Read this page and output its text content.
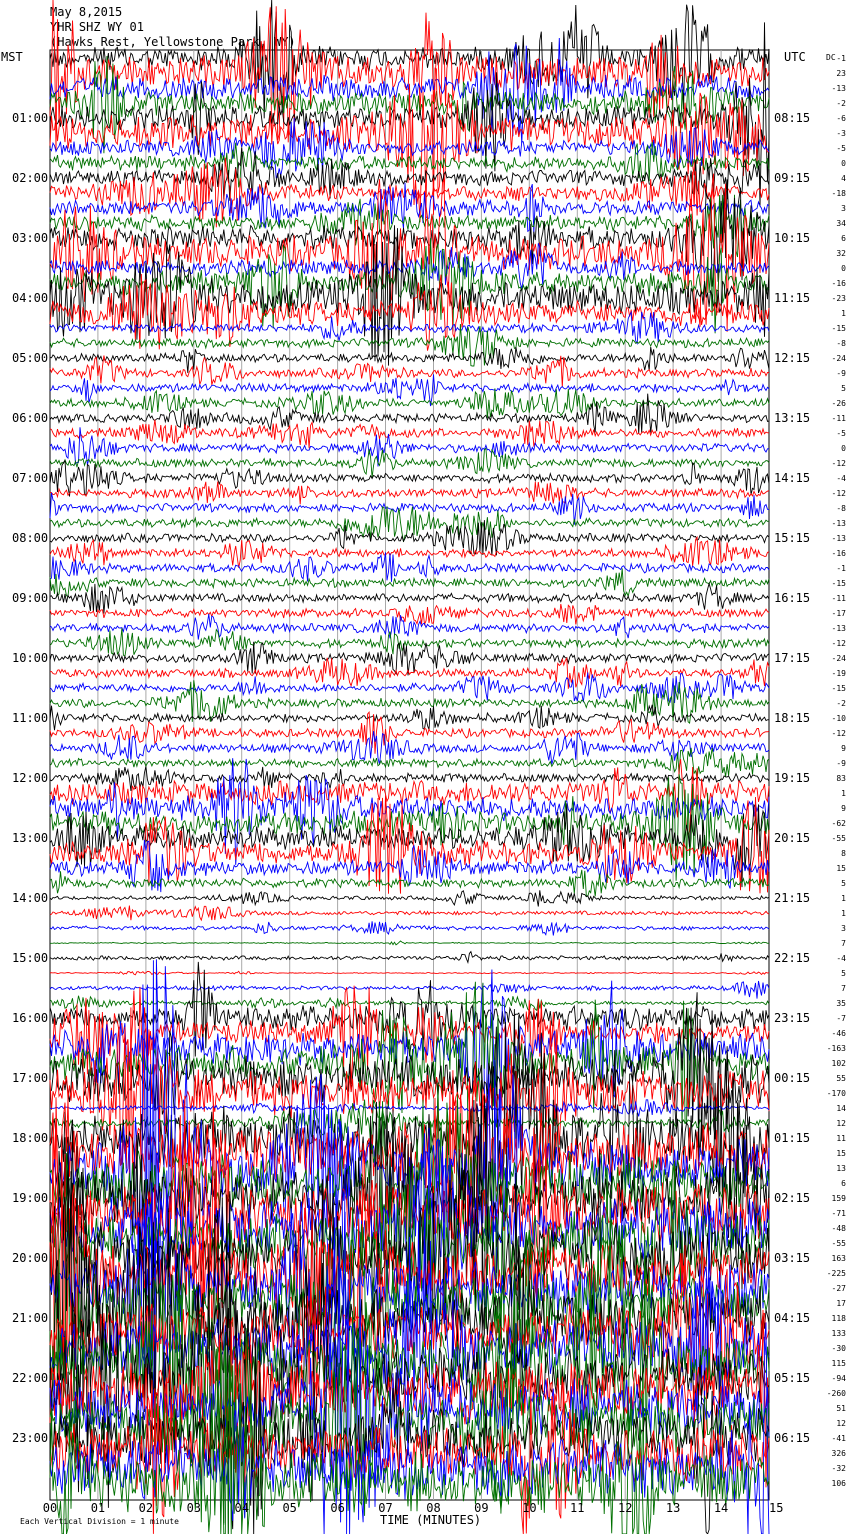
May 8,2015
YHR SHZ WY 01
(Hawks Rest, Yellowstone Park, WY)
MST	UTC	DC
01:00
02:00
03:00
04:00
05:00
06:00
07:00
08:00
09:00
10:00
11:00
12:00
13:00
14:00
15:00
16:00
17:00
18:00
19:00
20:00
21:00
22:00
23:00
08:15
09:15
10:15
11:15
12:15
13:15
14:15
15:15
16:15
17:15
18:15
19:15
20:15
21:15
22:15
23:15
00:15
01:15
02:15
03:15
04:15
05:15
06:15
-1
23
-13
-2
-6
-3
-5
0
4
-18
3
34
6
32
0
-16
-23
1
-15
-8
-24
-9
5
-26
-11
-5
0
-12
-4
-12
-8
-13
-13
-16
-1
-15
-11
-17
-13
-12
-24
-19
-15
-2
-10
-12
9
-9
83
1
9
-62
-55
8
15
5
1
1
3
7
-4
5
7
35
-7
-46
-163
102
55
-170
14
12
11
15
13
6
159
-71
-48
-55
163
-225
-27
17
118
133
-30
115
-94
-260
51
12
-41
326
-32
106
00	01	02	03	04	05	06	07	08	09	10	11	12	13	14	15
Each Vertical Division = 1 minute	TIME (MINUTES)
